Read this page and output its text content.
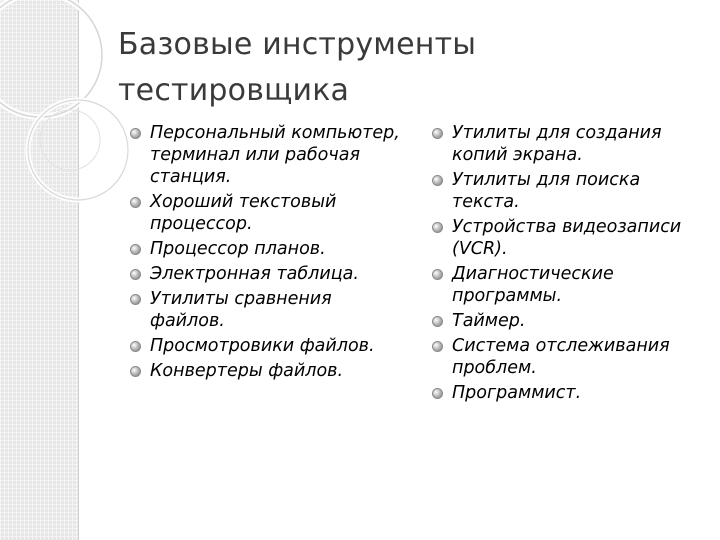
Базовые инструменты
тестировщика
Персональный компьютер, терминал или рабочая станция.
Хороший текстовый процессор.
Процессор планов.
Электронная таблица.
Утилиты сравнения файлов.
Просмотровики файлов.
Конвертеры файлов.
Утилиты для создания копий экрана.
Утилиты для поиска текста.
Устройства видеозаписи (VCR).
Диагностические программы.
Таймер.
Система отслеживания проблем.
Программист.
